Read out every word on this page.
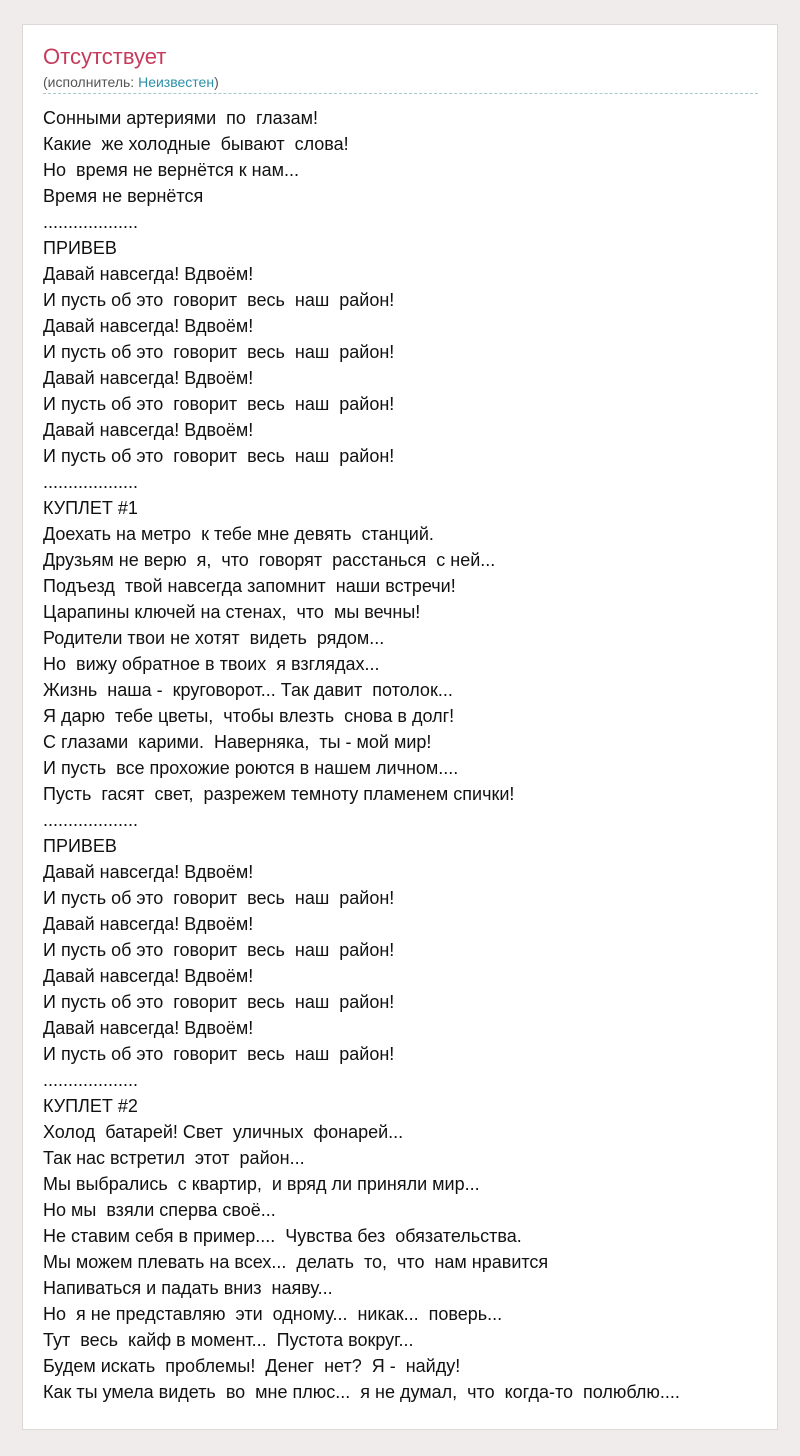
Отсутствует
(исполнитель: Неизвестен)
Сонными артериями  по  глазам!
Какие  же холодные  бывают  слова!
Но  время не вернётся к нам...
Время не вернётся
...................
ПРИВЕВ
Давай навсегда! Вдвоём!
И пусть об это  говорит  весь  наш  район!
Давай навсегда! Вдвоём!
И пусть об это  говорит  весь  наш  район!
Давай навсегда! Вдвоём!
И пусть об это  говорит  весь  наш  район!
Давай навсегда! Вдвоём!
И пусть об это  говорит  весь  наш  район!
...................
КУПЛЕТ #1
Доехать на метро  к тебе мне девять  станций.
Друзьям не верю  я,  что  говорят  расстанься  с ней...
Подъезд  твой навсегда запомнит  наши встречи!
Царапины ключей на стенах,  что  мы вечны!
Родители твои не хотят  видеть  рядом...
Но  вижу обратное в твоих  я взглядах...
Жизнь  наша -  круговорот... Так давит  потолок...
Я дарю  тебе цветы,  чтобы влезть  снова в долг!
С глазами  карими.  Наверняка,  ты - мой мир!
И пусть  все прохожие роются в нашем личном....
Пусть  гасят  свет,  разрежем темноту пламенем спички!
...................
ПРИВЕВ
Давай навсегда! Вдвоём!
И пусть об это  говорит  весь  наш  район!
Давай навсегда! Вдвоём!
И пусть об это  говорит  весь  наш  район!
Давай навсегда! Вдвоём!
И пусть об это  говорит  весь  наш  район!
Давай навсегда! Вдвоём!
И пусть об это  говорит  весь  наш  район!
...................
КУПЛЕТ #2
Холод  батарей! Свет  уличных  фонарей...
Так нас встретил  этот  район...
Мы выбрались  с квартир,  и вряд ли приняли мир...
Но мы  взяли сперва своё...
Не ставим себя в пример....  Чувства без  обязательства.
Мы можем плевать на всех...  делать  то,  что  нам нравится
Напиваться и падать вниз  наяву...
Но  я не представляю  эти  одному...  никак...  поверь...
Тут  весь  кайф в момент...  Пустота вокруг...
Будем искать  проблемы!  Денег  нет?  Я -  найду!
Как ты умела видеть  во  мне плюс...  я не думал,  что  когда-то  полюблю....
